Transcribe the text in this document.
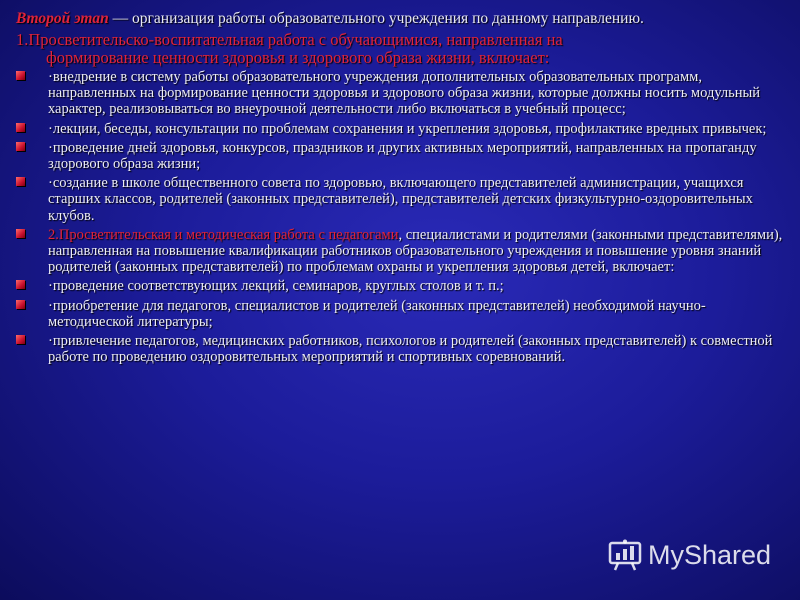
Второй этап — организация работы образовательного учреждения по данному направлению.

1.Просветительско-воспитательная работа с обучающимися, направленная на
формирование ценности здоровья и здорового образа жизни, включает:
·внедрение в систему работы образовательного учреждения дополнительных образовательных программ, направленных на формирование ценности здоровья и здорового образа жизни, которые должны носить модульный характер, реализовываться во внеурочной деятельности либо включаться в учебный процесс;
·лекции, беседы, консультации по проблемам сохранения и укрепления здоровья, профилактике вредных привычек;
·проведение дней здоровья, конкурсов, праздников и других активных мероприятий, направленных на пропаганду здорового образа жизни;
·создание в школе общественного совета по здоровью, включающего представителей администрации, учащихся старших классов, родителей (законных представителей), представителей детских физкультурно-оздоровительных клубов.
2.Просветительская и методическая работа с педагогами, специалистами и родителями (законными представителями), направленная на повышение квалификации работников образовательного учреждения и повышение уровня знаний родителей (законных представителей) по проблемам охраны и укрепления здоровья детей, включает:
·проведение соответствующих лекций, семинаров, круглых столов и т. п.;
·приобретение для педагогов, специалистов и родителей (законных представителей) необходимой научно-методической литературы;
·привлечение педагогов, медицинских работников, психологов и родителей (законных представителей) к совместной работе по проведению оздоровительных мероприятий и спортивных соревнований.
MyShared
